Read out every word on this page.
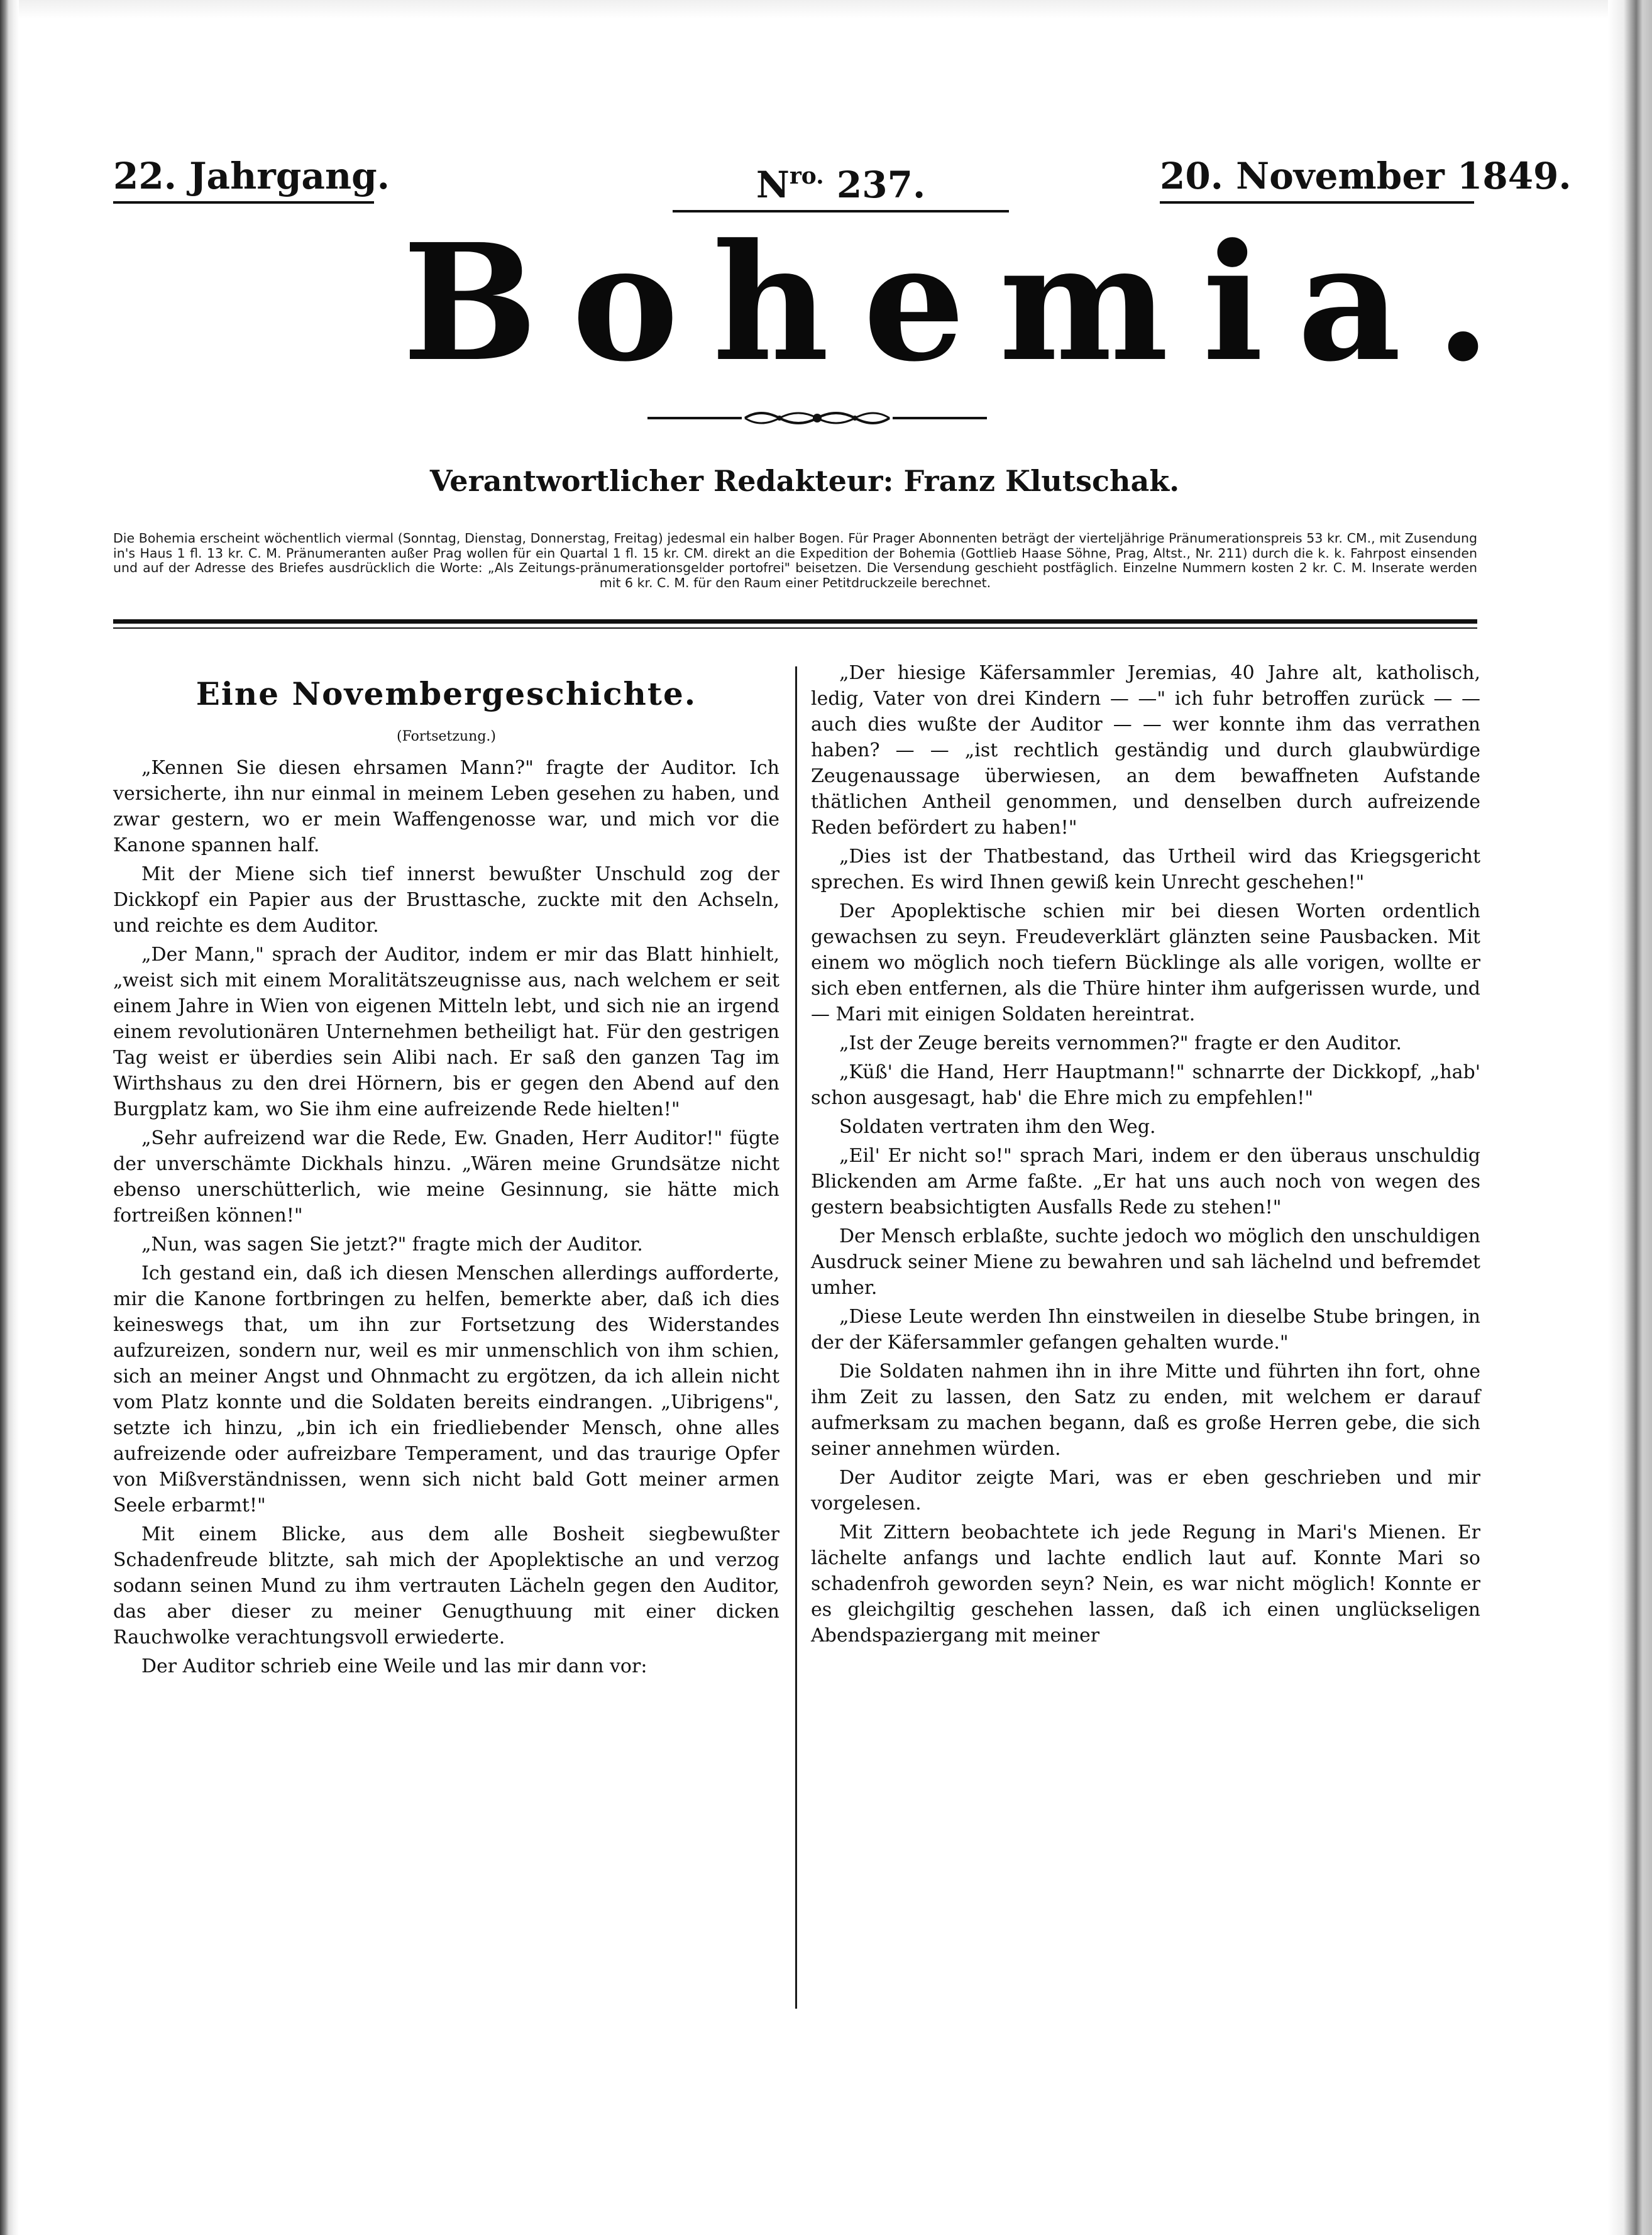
22. Jahrgang.	$N^{ro.}$ 237.	20. November 1849.
Bohemia.
Verantwortlicher Redakteur: Franz Klutschak.
Die Bohemia erscheint wöchentlich viermal (Sonntag, Dienstag, Donnerstag, Freitag) jedesmal ein halber Bogen. Für Prager Abonnenten beträgt der vierteljährige Pränumerationspreis 53 kr. CM., mit Zusendung in's Haus 1 fl. 13 kr. C. M. Pränumeranten außer Prag wollen für ein Quartal 1 fl. 15 kr. CM. direkt an die Expedition der Bohemia (Gottlieb Haase Söhne, Prag, Altst., Nr. 211) durch die k. k. Fahrpost einsenden und auf der Adresse des Briefes ausdrücklich die Worte: „Als Zeitungs-pränumerationsgelder portofrei" beisetzen. Die Versendung geschieht postfäglich. Einzelne Nummern kosten 2 kr. C. M. Inserate werden mit 6 kr. C. M. für den Raum einer Petitdruckzeile berechnet.
Eine Novembergeschichte.
(Fortsetzung.)

„Kennen Sie diesen ehrsamen Mann?" fragte der Auditor. Ich versicherte, ihn nur einmal in meinem Leben gesehen zu haben, und zwar gestern, wo er mein Waffengenosse war, und mich vor die Kanone spannen half.

Mit der Miene sich tief innerst bewußter Unschuld zog der Dickkopf ein Papier aus der Brusttasche, zuckte mit den Achseln, und reichte es dem Auditor.

„Der Mann," sprach der Auditor, indem er mir das Blatt hinhielt, „weist sich mit einem Moralitätszeugnisse aus, nach welchem er seit einem Jahre in Wien von eigenen Mitteln lebt, und sich nie an irgend einem revolutionären Unternehmen betheiligt hat. Für den gestrigen Tag weist er überdies sein Alibi nach. Er saß den ganzen Tag im Wirthshaus zu den drei Hörnern, bis er gegen den Abend auf den Burgplatz kam, wo Sie ihm eine aufreizende Rede hielten!"

„Sehr aufreizend war die Rede, Ew. Gnaden, Herr Auditor!" fügte der unverschämte Dickhals hinzu. „Wären meine Grundsätze nicht ebenso unerschütterlich, wie meine Gesinnung, sie hätte mich fortreißen können!"

„Nun, was sagen Sie jetzt?" fragte mich der Auditor.

Ich gestand ein, daß ich diesen Menschen allerdings aufforderte, mir die Kanone fortbringen zu helfen, bemerkte aber, daß ich dies keineswegs that, um ihn zur Fortsetzung des Widerstandes aufzureizen, sondern nur, weil es mir unmenschlich von ihm schien, sich an meiner Angst und Ohnmacht zu ergötzen, da ich allein nicht vom Platz konnte und die Soldaten bereits eindrangen. „Uibrigens", setzte ich hinzu, „bin ich ein friedliebender Mensch, ohne alles aufreizende oder aufreizbare Temperament, und das traurige Opfer von Mißverständnissen, wenn sich nicht bald Gott meiner armen Seele erbarmt!"

Mit einem Blicke, aus dem alle Bosheit siegbewußter Schadenfreude blitzte, sah mich der Apoplektische an und verzog sodann seinen Mund zu ihm vertrauten Lächeln gegen den Auditor, das aber dieser zu meiner Genugthuung mit einer dicken Rauchwolke verachtungsvoll erwiederte.

Der Auditor schrieb eine Weile und las mir dann vor:

„Der hiesige Käfersammler Jeremias, 40 Jahre alt, katholisch, ledig, Vater von drei Kindern — —" ich fuhr betroffen zurück — — auch dies wußte der Auditor — — wer konnte ihm das verrathen haben? — — „ist rechtlich geständig und durch glaubwürdige Zeugenaussage überwiesen, an dem bewaffneten Aufstande thätlichen Antheil genommen, und denselben durch aufreizende Reden befördert zu haben!"

„Dies ist der Thatbestand, das Urtheil wird das Kriegsgericht sprechen. Es wird Ihnen gewiß kein Unrecht geschehen!"

Der Apoplektische schien mir bei diesen Worten ordentlich gewachsen zu seyn. Freudeverklärt glänzten seine Pausbacken. Mit einem wo möglich noch tiefern Bücklinge als alle vorigen, wollte er sich eben entfernen, als die Thüre hinter ihm aufgerissen wurde, und — Mari mit einigen Soldaten hereintrat.

„Ist der Zeuge bereits vernommen?" fragte er den Auditor.

„Küß' die Hand, Herr Hauptmann!" schnarrte der Dickkopf, „hab' schon ausgesagt, hab' die Ehre mich zu empfehlen!"

Soldaten vertraten ihm den Weg.

„Eil' Er nicht so!" sprach Mari, indem er den überaus unschuldig Blickenden am Arme faßte. „Er hat uns auch noch von wegen des gestern beabsichtigten Ausfalls Rede zu stehen!"

Der Mensch erblaßte, suchte jedoch wo möglich den unschuldigen Ausdruck seiner Miene zu bewahren und sah lächelnd und befremdet umher.

„Diese Leute werden Ihn einstweilen in dieselbe Stube bringen, in der der Käfersammler gefangen gehalten wurde."

Die Soldaten nahmen ihn in ihre Mitte und führten ihn fort, ohne ihm Zeit zu lassen, den Satz zu enden, mit welchem er darauf aufmerksam zu machen begann, daß es große Herren gebe, die sich seiner annehmen würden.

Der Auditor zeigte Mari, was er eben geschrieben und mir vorgelesen.

Mit Zittern beobachtete ich jede Regung in Mari's Mienen. Er lächelte anfangs und lachte endlich laut auf. Konnte Mari so schadenfroh geworden seyn? Nein, es war nicht möglich! Konnte er es gleichgiltig geschehen lassen, daß ich einen unglückseligen Abendspaziergang mit meiner
